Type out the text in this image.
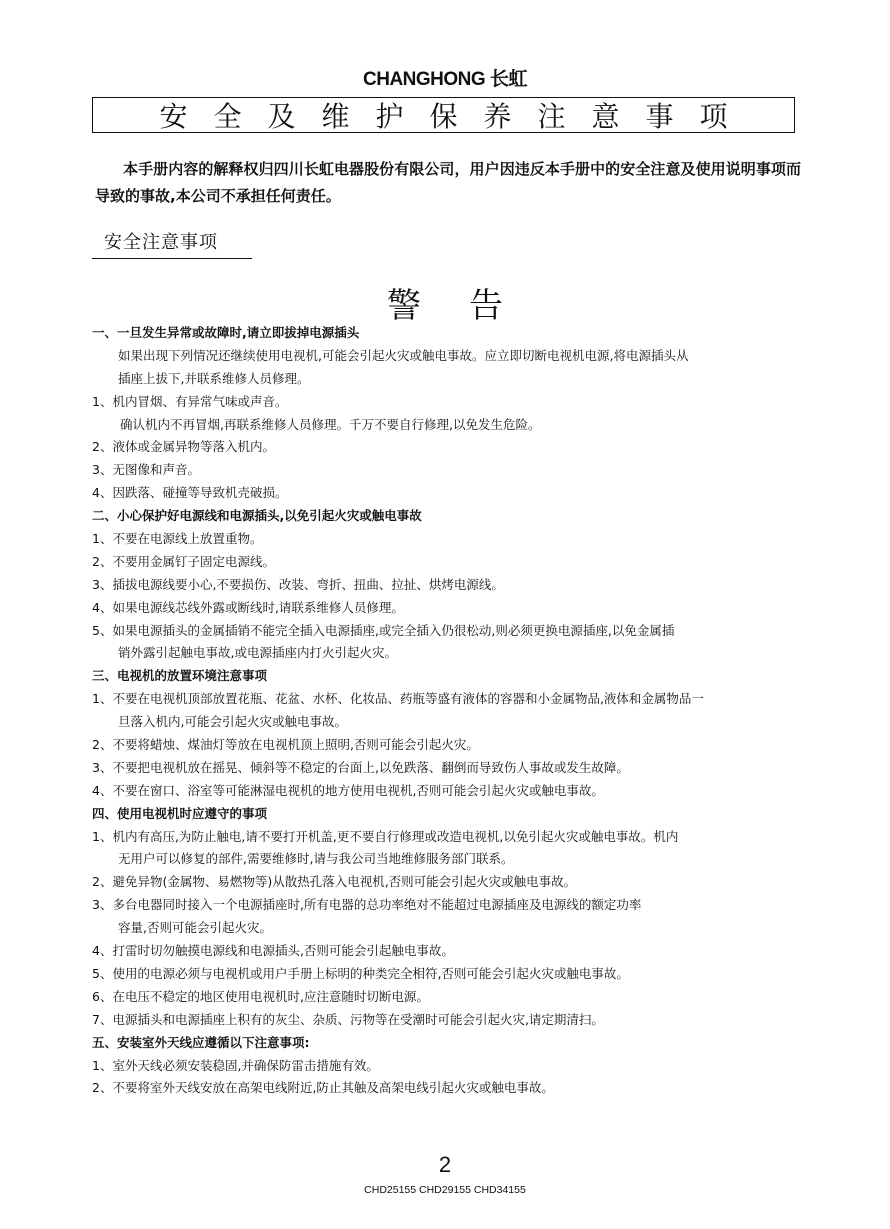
CHANGHONG 长虹
安全及维护保养注意事项
本手册内容的解释权归四川长虹电器股份有限公司，用户因违反本手册中的安全注意及使用说明事项而导致的事故,本公司不承担任何责任。
安全注意事项
警告
一、一旦发生异常或故障时,请立即拔掉电源插头
如果出现下列情况还继续使用电视机,可能会引起火灾或触电事故。应立即切断电视机电源,将电源插头从
插座上拔下,并联系维修人员修理。
1、机内冒烟、有异常气味或声音。
确认机内不再冒烟,再联系维修人员修理。千万不要自行修理,以免发生危险。
2、液体或金属异物等落入机内。
3、无图像和声音。
4、因跌落、碰撞等导致机壳破损。
二、小心保护好电源线和电源插头,以免引起火灾或触电事故
1、不要在电源线上放置重物。
2、不要用金属钉子固定电源线。
3、插拔电源线要小心,不要损伤、改装、弯折、扭曲、拉扯、烘烤电源线。
4、如果电源线芯线外露或断线时,请联系维修人员修理。
5、如果电源插头的金属插销不能完全插入电源插座,或完全插入仍很松动,则必须更换电源插座,以免金属插
销外露引起触电事故,或电源插座内打火引起火灾。
三、电视机的放置环境注意事项
1、不要在电视机顶部放置花瓶、花盆、水杯、化妆品、药瓶等盛有液体的容器和小金属物品,液体和金属物品一
旦落入机内,可能会引起火灾或触电事故。
2、不要将蜡烛、煤油灯等放在电视机顶上照明,否则可能会引起火灾。
3、不要把电视机放在摇晃、倾斜等不稳定的台面上,以免跌落、翻倒而导致伤人事故或发生故障。
4、不要在窗口、浴室等可能淋湿电视机的地方使用电视机,否则可能会引起火灾或触电事故。
四、使用电视机时应遵守的事项
1、机内有高压,为防止触电,请不要打开机盖,更不要自行修理或改造电视机,以免引起火灾或触电事故。机内
无用户可以修复的部件,需要维修时,请与我公司当地维修服务部门联系。
2、避免异物(金属物、易燃物等)从散热孔落入电视机,否则可能会引起火灾或触电事故。
3、多台电器同时接入一个电源插座时,所有电器的总功率绝对不能超过电源插座及电源线的额定功率
容量,否则可能会引起火灾。
4、打雷时切勿触摸电源线和电源插头,否则可能会引起触电事故。
5、使用的电源必须与电视机或用户手册上标明的种类完全相符,否则可能会引起火灾或触电事故。
6、在电压不稳定的地区使用电视机时,应注意随时切断电源。
7、电源插头和电源插座上积有的灰尘、杂质、污物等在受潮时可能会引起火灾,请定期清扫。
五、安装室外天线应遵循以下注意事项:
1、室外天线必须安装稳固,并确保防雷击措施有效。
2、不要将室外天线安放在高架电线附近,防止其触及高架电线引起火灾或触电事故。
2
CHD25155 CHD29155 CHD34155
